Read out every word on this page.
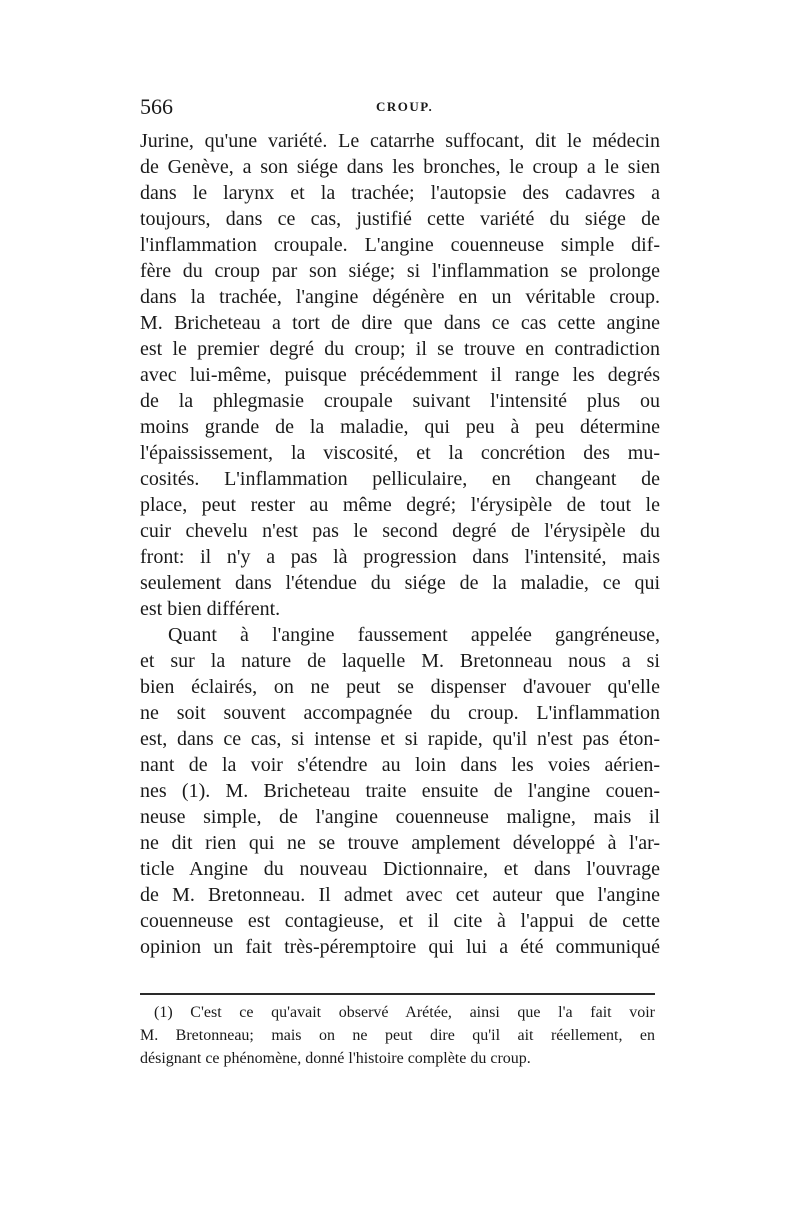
566	CROUP.
Jurine, qu'une variété. Le catarrhe suffocant, dit le médecin
de Genève, a son siége dans les bronches, le croup a le sien
dans le larynx et la trachée; l'autopsie des cadavres a
toujours, dans ce cas, justifié cette variété du siége de
l'inflammation croupale. L'angine couenneuse simple dif-
fère du croup par son siége; si l'inflammation se prolonge
dans la trachée, l'angine dégénère en un véritable croup.
M. Bricheteau a tort de dire que dans ce cas cette angine
est le premier degré du croup; il se trouve en contradiction
avec lui-même, puisque précédemment il range les degrés
de la phlegmasie croupale suivant l'intensité plus ou
moins grande de la maladie, qui peu à peu détermine
l'épaississement, la viscosité, et la concrétion des mu-
cosités. L'inflammation pelliculaire, en changeant de
place, peut rester au même degré; l'érysipèle de tout le
cuir chevelu n'est pas le second degré de l'érysipèle du
front: il n'y a pas là progression dans l'intensité, mais
seulement dans l'étendue du siége de la maladie, ce qui
est bien différent.
Quant à l'angine faussement appelée gangréneuse,
et sur la nature de laquelle M. Bretonneau nous a si
bien éclairés, on ne peut se dispenser d'avouer qu'elle
ne soit souvent accompagnée du croup. L'inflammation
est, dans ce cas, si intense et si rapide, qu'il n'est pas éton-
nant de la voir s'étendre au loin dans les voies aérien-
nes (1). M. Bricheteau traite ensuite de l'angine couen-
neuse simple, de l'angine couenneuse maligne, mais il
ne dit rien qui ne se trouve amplement développé à l'ar-
ticle Angine du nouveau Dictionnaire, et dans l'ouvrage
de M. Bretonneau. Il admet avec cet auteur que l'angine
couenneuse est contagieuse, et il cite à l'appui de cette
opinion un fait très-péremptoire qui lui a été communiqué
(1) C'est ce qu'avait observé Arétée, ainsi que l'a fait voir
M. Bretonneau; mais on ne peut dire qu'il ait réellement, en
désignant ce phénomène, donné l'histoire complète du croup.
